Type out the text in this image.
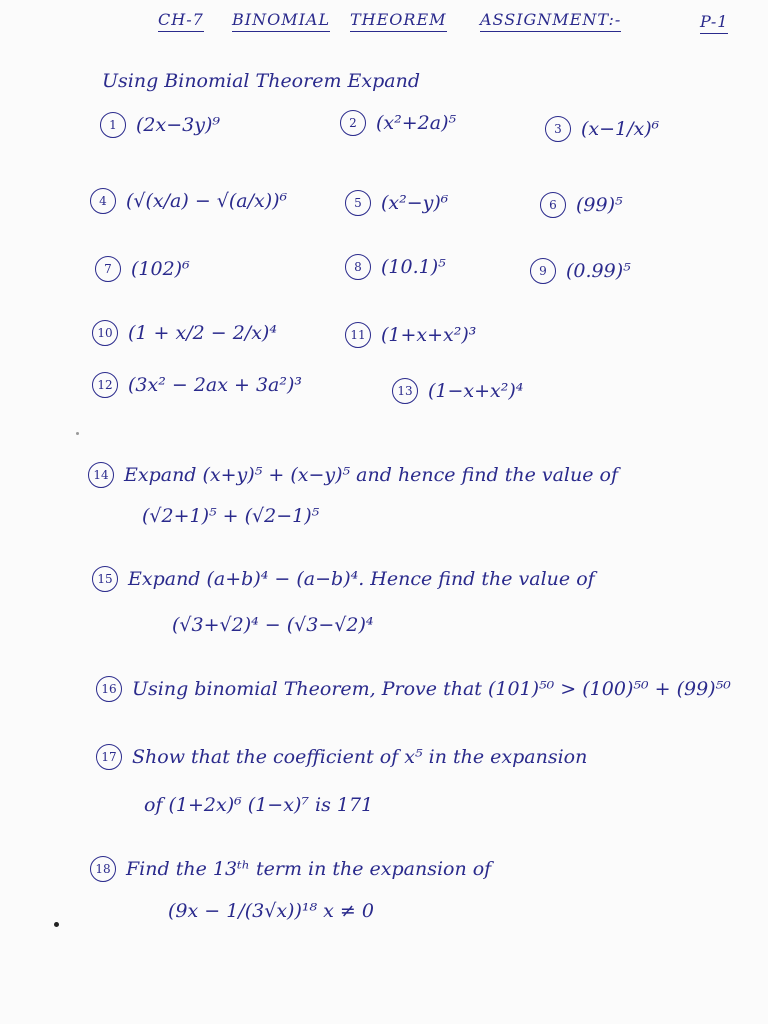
CH-7 BINOMIAL THEOREM ASSIGNMENT:-	P-1
Using Binomial Theorem Expand
1	(2x−3y)⁹	2	(x²+2a)⁵	3	(x−1/x)⁶
4	(√(x/a) − √(a/x))⁶	5	(x²−y)⁶	6	(99)⁵
7	(102)⁶	8	(10.1)⁵	9	(0.99)⁵
10 (1 + x/2 − 2/x)⁴	11 (1+x+x²)³
12 (3x² − 2ax + 3a²)³	13 (1−x+x²)⁴
14 Expand (x+y)⁵ + (x−y)⁵ and hence find the value of
(√2+1)⁵ + (√2−1)⁵
15 Expand (a+b)⁴ − (a−b)⁴. Hence find the value of
(√3+√2)⁴ − (√3−√2)⁴
16 Using binomial Theorem, Prove that (101)⁵⁰ > (100)⁵⁰ + (99)⁵⁰
17 Show that the coefficient of x⁵ in the expansion
of (1+2x)⁶ (1−x)⁷ is 171
18 Find the 13ᵗʰ term in the expansion of
(9x − 1/(3√x))¹⁸ x ≠ 0
